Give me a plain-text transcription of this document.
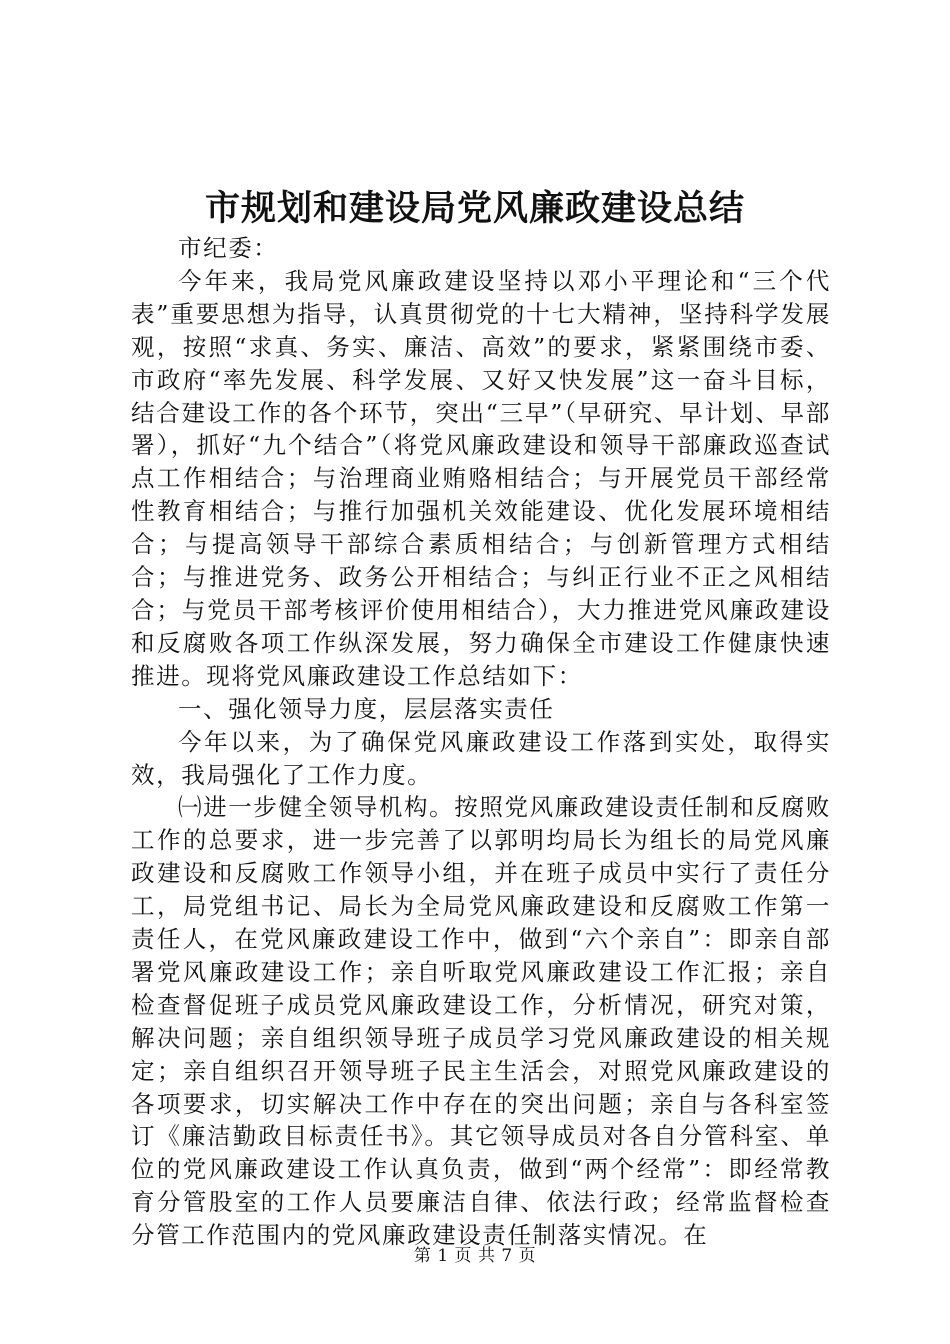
市规划和建设局党风廉政建设总结

市纪委：

今年来，我局党风廉政建设坚持以邓小平理论和“三个代表”重要思想为指导，认真贯彻党的十七大精神，坚持科学发展观，按照“求真、务实、廉洁、高效”的要求，紧紧围绕市委、市政府“率先发展、科学发展、又好又快发展”这一奋斗目标，结合建设工作的各个环节，突出“三早”（早研究、早计划、早部署），抓好“九个结合”（将党风廉政建设和领导干部廉政巡查试点工作相结合；与治理商业贿赂相结合；与开展党员干部经常性教育相结合；与推行加强机关效能建设、优化发展环境相结合；与提高领导干部综合素质相结合；与创新管理方式相结合；与推进党务、政务公开相结合；与纠正行业不正之风相结合；与党员干部考核评价使用相结合），大力推进党风廉政建设和反腐败各项工作纵深发展，努力确保全市建设工作健康快速推进。现将党风廉政建设工作总结如下：

一、强化领导力度，层层落实责任

今年以来，为了确保党风廉政建设工作落到实处，取得实效，我局强化了工作力度。

㈠进一步健全领导机构。按照党风廉政建设责任制和反腐败工作的总要求，进一步完善了以郭明均局长为组长的局党风廉政建设和反腐败工作领导小组，并在班子成员中实行了责任分工，局党组书记、局长为全局党风廉政建设和反腐败工作第一责任人，在党风廉政建设工作中，做到“六个亲自”：即亲自部署党风廉政建设工作；亲自听取党风廉政建设工作汇报；亲自检查督促班子成员党风廉政建设工作，分析情况，研究对策，解决问题；亲自组织领导班子成员学习党风廉政建设的相关规定；亲自组织召开领导班子民主生活会，对照党风廉政建设的各项要求，切实解决工作中存在的突出问题；亲自与各科室签订《廉洁勤政目标责任书》。其它领导成员对各自分管科室、单位的党风廉政建设工作认真负责，做到“两个经常”：即经常教育分管股室的工作人员要廉洁自律、依法行政；经常监督检查分管工作范围内的党风廉政建设责任制落实情况。在

第 1 页 共 7 页
